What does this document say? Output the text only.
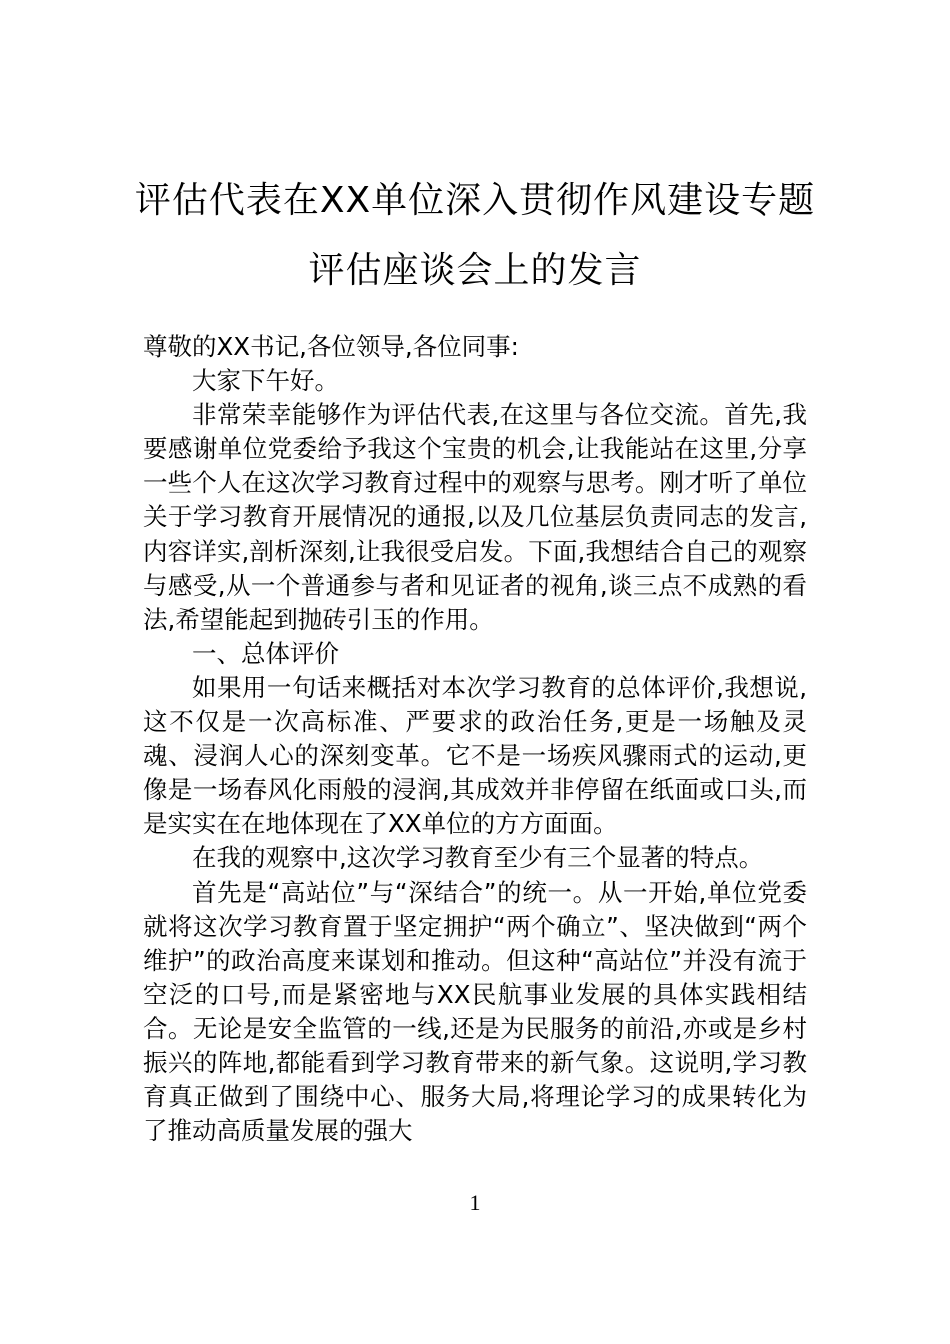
评估代表在XX单位深入贯彻作风建设专题
评估座谈会上的发言

尊敬的XX书记,各位领导,各位同事:

大家下午好。

非常荣幸能够作为评估代表,在这里与各位交流。首先,我要感谢单位党委给予我这个宝贵的机会,让我能站在这里,分享一些个人在这次学习教育过程中的观察与思考。刚才听了单位关于学习教育开展情况的通报,以及几位基层负责同志的发言,内容详实,剖析深刻,让我很受启发。下面,我想结合自己的观察与感受,从一个普通参与者和见证者的视角,谈三点不成熟的看法,希望能起到抛砖引玉的作用。

一、总体评价

如果用一句话来概括对本次学习教育的总体评价,我想说,这不仅是一次高标准、严要求的政治任务,更是一场触及灵魂、浸润人心的深刻变革。它不是一场疾风骤雨式的运动,更像是一场春风化雨般的浸润,其成效并非停留在纸面或口头,而是实实在在地体现在了XX单位的方方面面。

在我的观察中,这次学习教育至少有三个显著的特点。

首先是“高站位”与“深结合”的统一。从一开始,单位党委就将这次学习教育置于坚定拥护“两个确立”、坚决做到“两个维护”的政治高度来谋划和推动。但这种“高站位”并没有流于空泛的口号,而是紧密地与XX民航事业发展的具体实践相结合。无论是安全监管的一线,还是为民服务的前沿,亦或是乡村振兴的阵地,都能看到学习教育带来的新气象。这说明,学习教育真正做到了围绕中心、服务大局,将理论学习的成果转化为了推动高质量发展的强大

1
